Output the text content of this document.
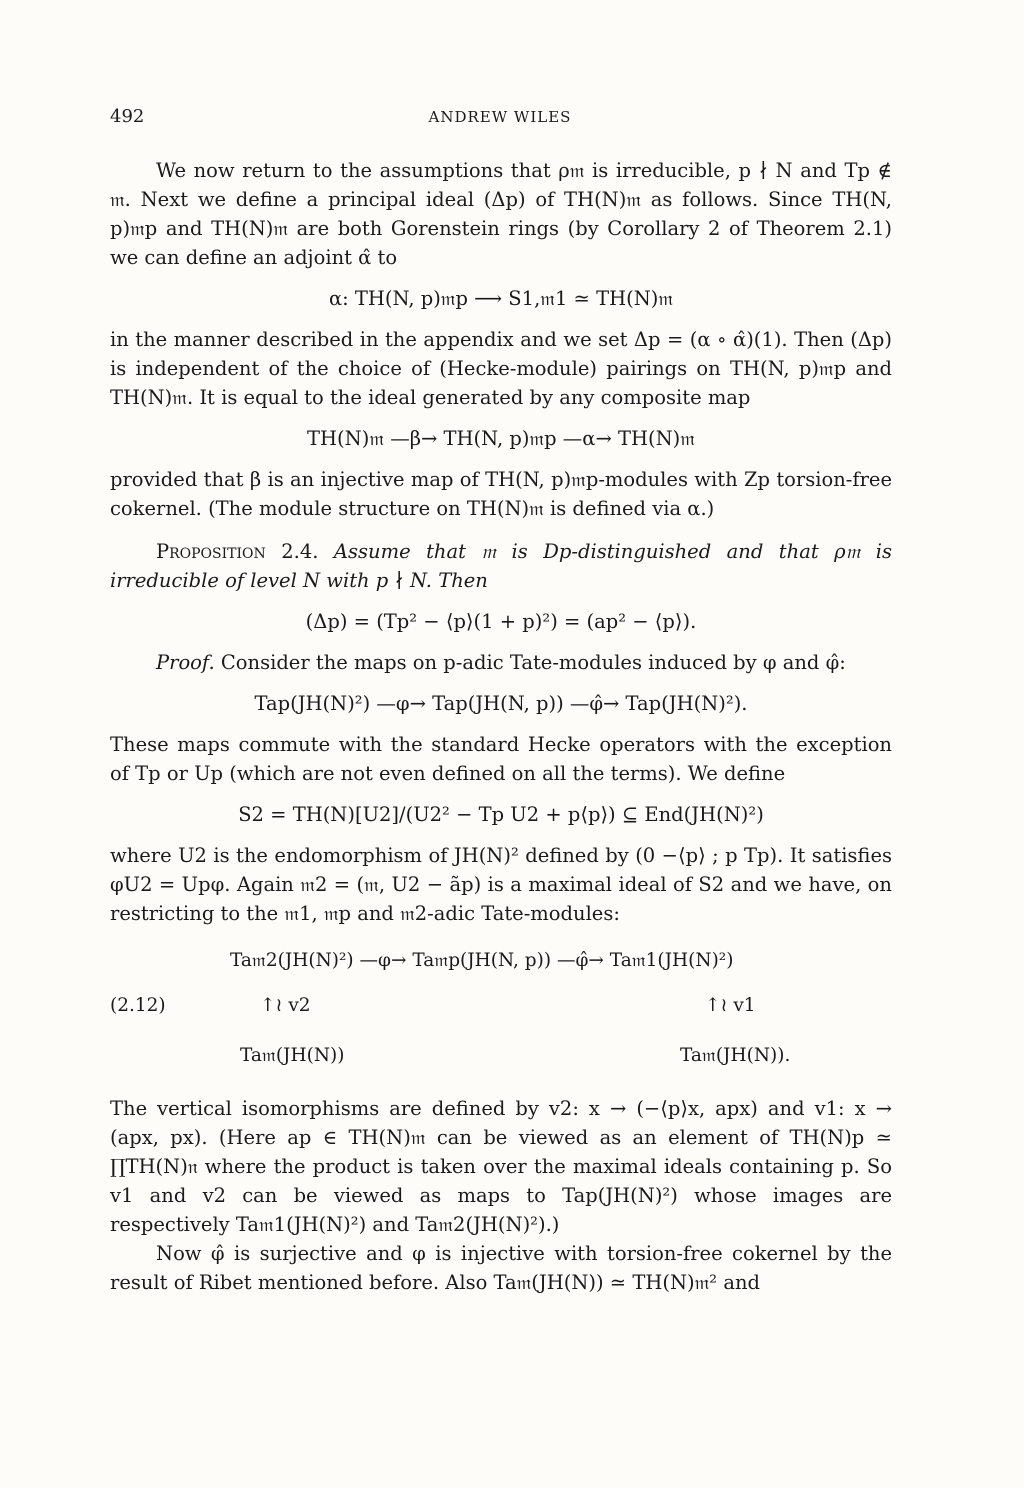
492	ANDREW WILES

We now return to the assumptions that ρ𝔪 is irreducible, p ∤ N and Tp ∉ 𝔪. Next we define a principal ideal (Δp) of TH(N)𝔪 as follows. Since TH(N, p)𝔪p and TH(N)𝔪 are both Gorenstein rings (by Corollary 2 of Theorem 2.1) we can define an adjoint α̂ to

α: TH(N, p)𝔪p ⟶ S1,𝔪1 ≃ TH(N)𝔪

in the manner described in the appendix and we set Δp = (α ∘ α̂)(1). Then (Δp) is independent of the choice of (Hecke-module) pairings on TH(N, p)𝔪p and TH(N)𝔪. It is equal to the ideal generated by any composite map

TH(N)𝔪 —β→ TH(N, p)𝔪p —α→ TH(N)𝔪

provided that β is an injective map of TH(N, p)𝔪p-modules with Zp torsion-free cokernel. (The module structure on TH(N)𝔪 is defined via α.)

Proposition 2.4. Assume that 𝔪 is Dp-distinguished and that ρ𝔪 is irreducible of level N with p ∤ N. Then

(Δp) = (Tp² − ⟨p⟩(1 + p)²) = (ap² − ⟨p⟩).

Proof. Consider the maps on p-adic Tate-modules induced by φ and φ̂:

Tap(JH(N)²) —φ→ Tap(JH(N, p)) —φ̂→ Tap(JH(N)²).

These maps commute with the standard Hecke operators with the exception of Tp or Up (which are not even defined on all the terms). We define

S2 = TH(N)[U2]/(U2² − Tp U2 + p⟨p⟩) ⊆ End(JH(N)²)

where U2 is the endomorphism of JH(N)² defined by (0 −⟨p⟩ ; p Tp). It satisfies φU2 = Upφ. Again 𝔪2 = (𝔪, U2 − ãp) is a maximal ideal of S2 and we have, on restricting to the 𝔪1, 𝔪p and 𝔪2-adic Tate-modules:

(2.12)
Ta𝔪2(JH(N)²) —φ→ Ta𝔪p(JH(N, p)) —φ̂→ Ta𝔪1(JH(N)²)
↑≀ v2	↑≀ v1
Ta𝔪(JH(N))	Ta𝔪(JH(N)).

The vertical isomorphisms are defined by v2: x → (−⟨p⟩x, apx) and v1: x → (apx, px). (Here ap ∈ TH(N)𝔪 can be viewed as an element of TH(N)p ≃ ∏TH(N)𝔫 where the product is taken over the maximal ideals containing p. So v1 and v2 can be viewed as maps to Tap(JH(N)²) whose images are respectively Ta𝔪1(JH(N)²) and Ta𝔪2(JH(N)²).)

Now φ̂ is surjective and φ is injective with torsion-free cokernel by the result of Ribet mentioned before. Also Ta𝔪(JH(N)) ≃ TH(N)𝔪² and
